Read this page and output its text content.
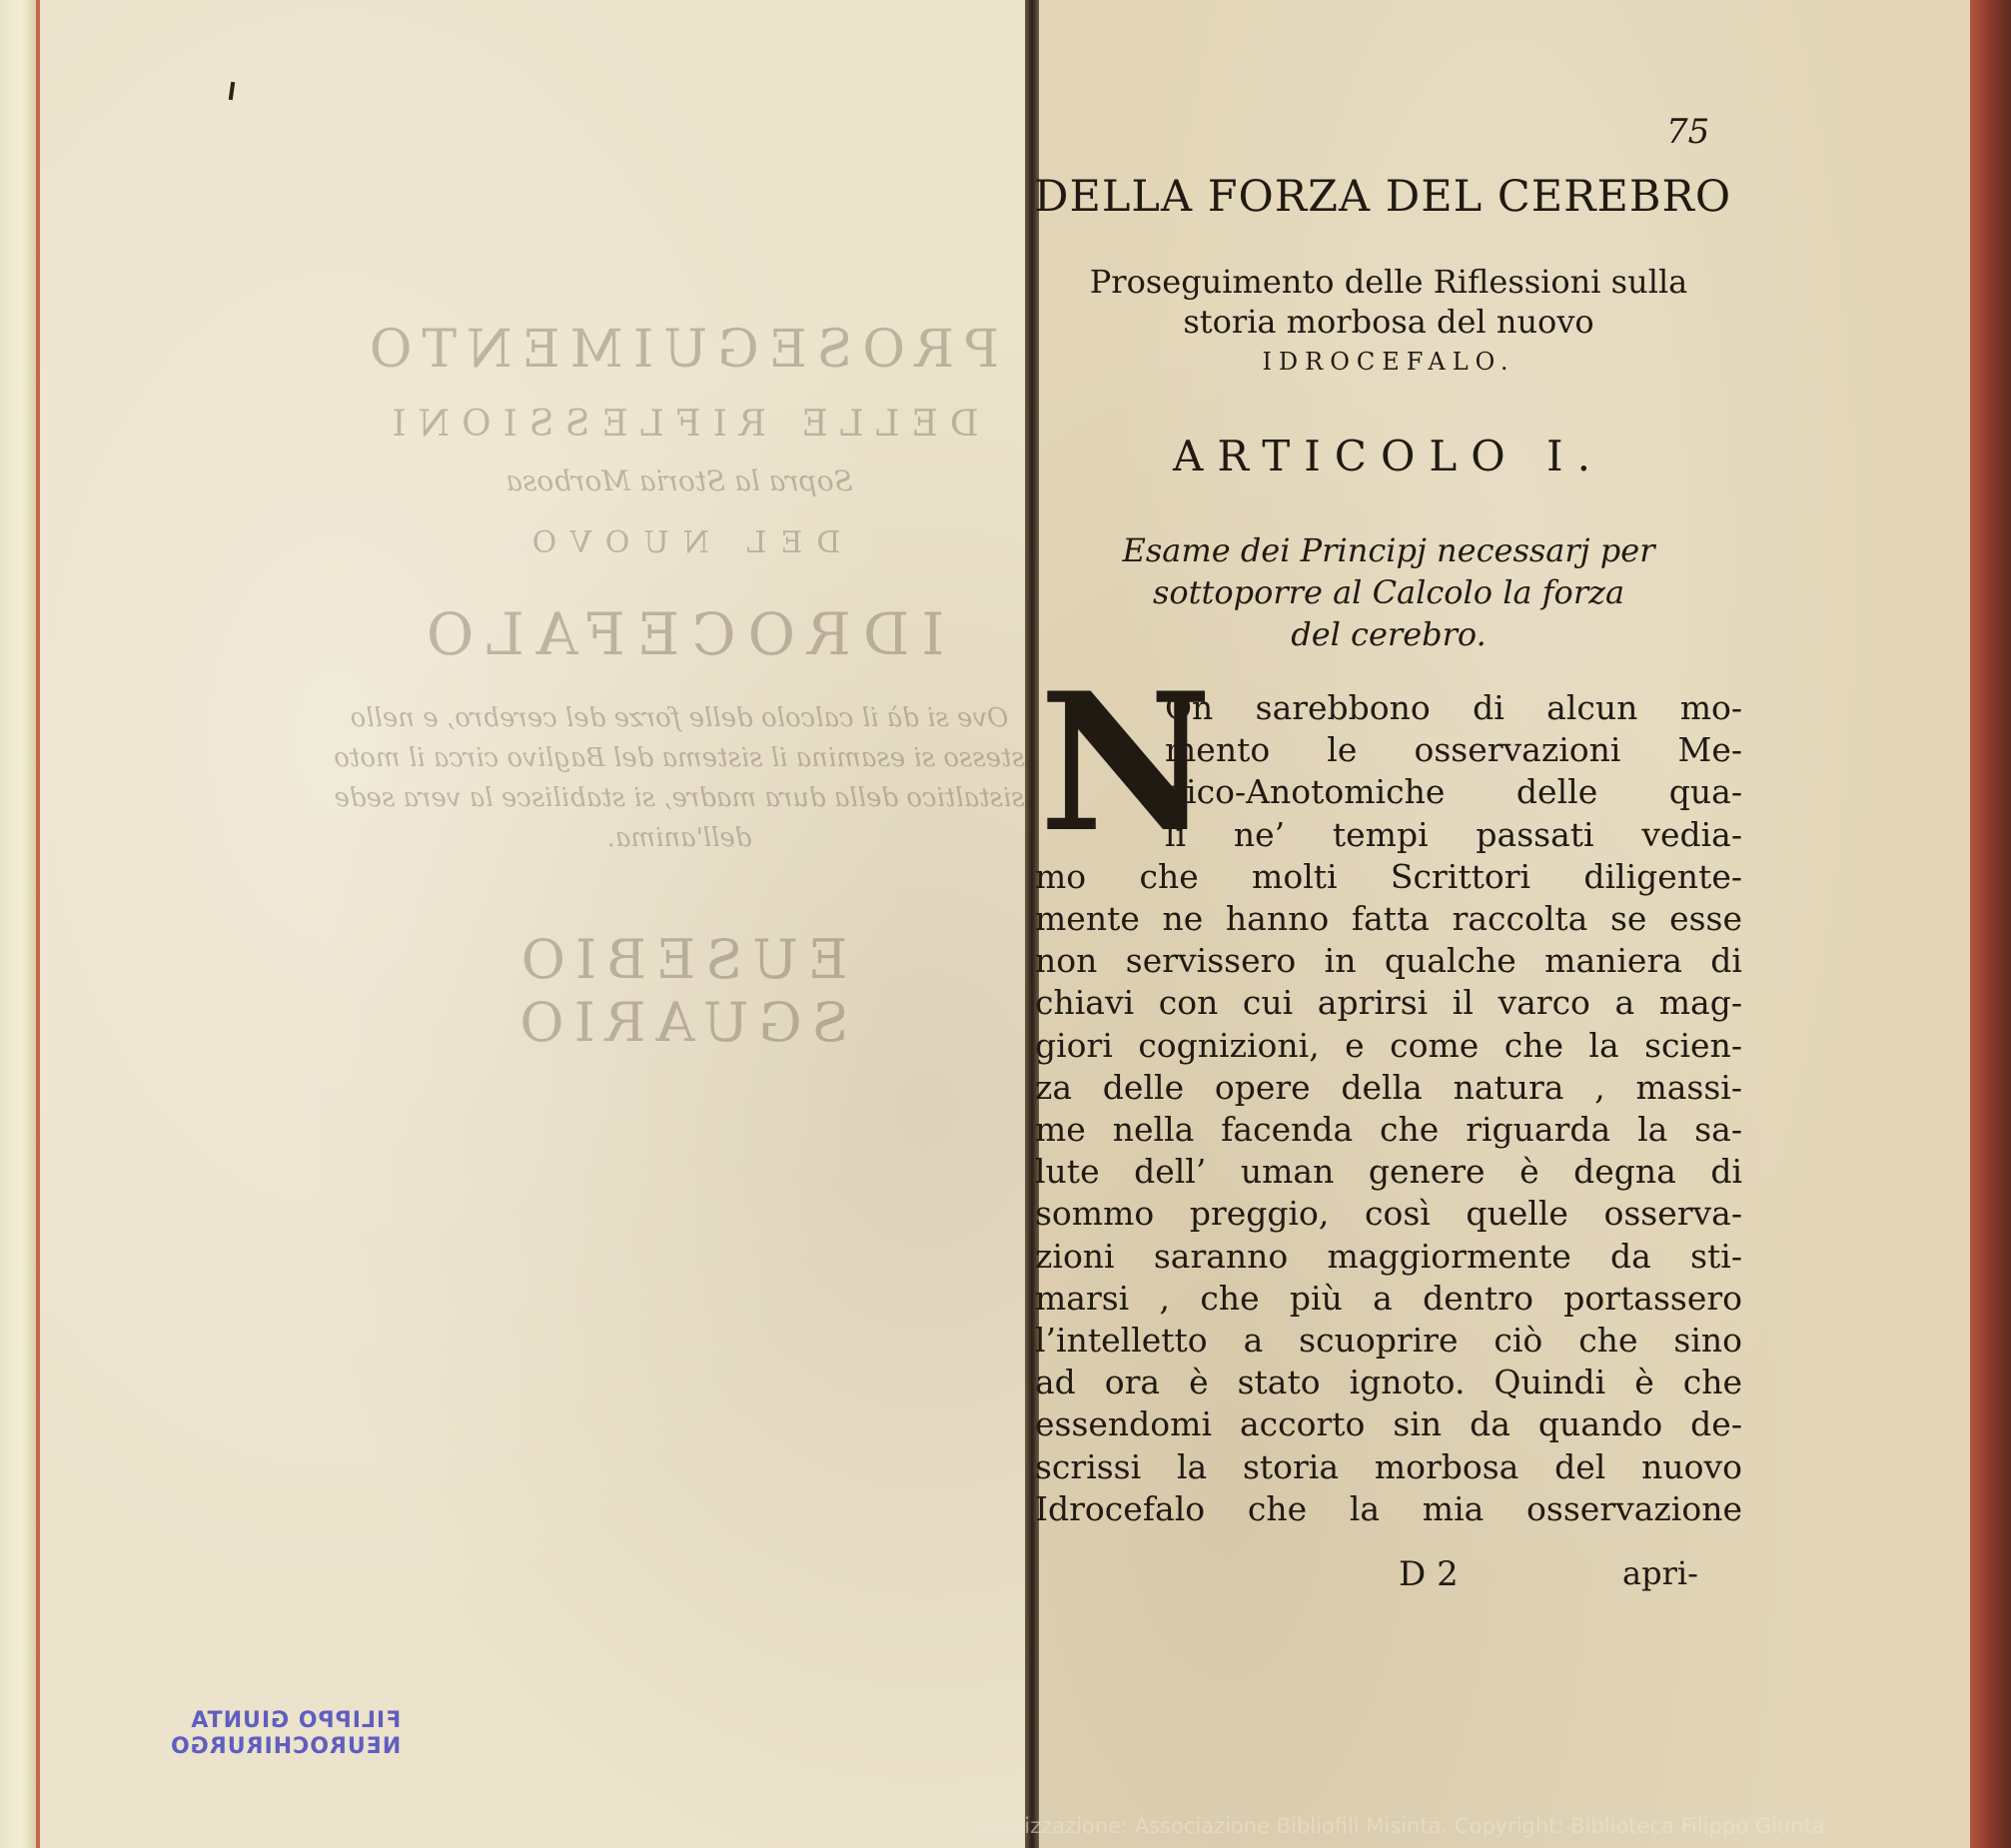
PROSEGUIMENTO
DELLE RIFLESSIONI
Sopra la Storia Morbosa
DEL NUOVO
IDROCEFALO
Ove si dà il calcolo delle forze del cerebro, e nello stesso si esamina il sistema del Baglivo circa il moto sistaltico della dura madre, si stabilisce la vera sede dell'anima.
EUSEBIO SGUARIO
FILIPPO GIUNTA
NEUROCHIRURGO
75
DELLA FORZA DEL CEREBRO
Proseguimento delle Riflessioni sulla
storia morbosa del nuovo
IDROCEFALO.
ARTICOLO I.
Esame dei Principj necessarj per
sottoporre al Calcolo la forza
del cerebro.
N
On sarebbono di alcun mo-
mento le osservazioni Me-
dico-Anotomiche delle qua-
li ne’ tempi passati vedia-
mo che molti Scrittori diligente-
mente ne hanno fatta raccolta se esse
non servissero in qualche maniera di
chiavi con cui aprirsi il varco a mag-
giori cognizioni, e come che la scien-
za delle opere della natura , massi-
me nella facenda che riguarda la sa-
lute dell’ uman genere è degna di
sommo preggio, così quelle osserva-
zioni saranno maggiormente da sti-
marsi , che più a dentro portassero
l’intelletto a scuoprire ciò che sino
ad ora è stato ignoto. Quindi è che
essendomi accorto sin da quando de-
scrissi la storia morbosa del nuovo
Idrocefalo che la mia osservazione
D 2	apri-
Realizzazione: Associazione Bibliofili Misinta. Copyright: Biblioteca Filippo Giunta
